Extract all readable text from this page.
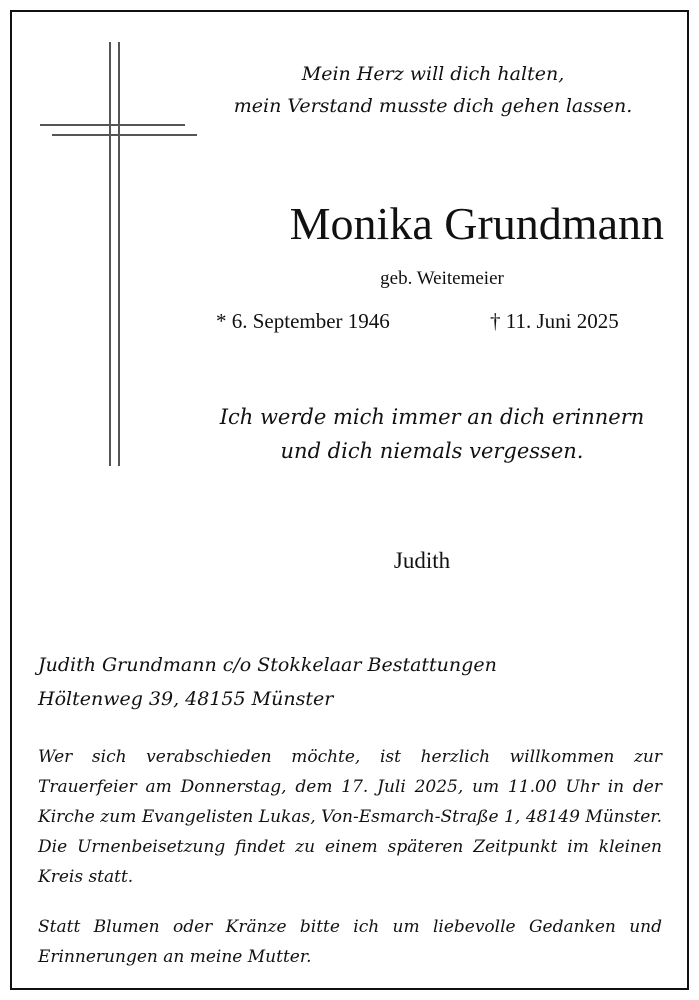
Mein Herz will dich halten,
mein Verstand musste dich gehen lassen.
Monika Grundmann
geb. Weitemeier
* 6. September 1946	† 11. Juni 2025
Ich werde mich immer an dich erinnern
und dich niemals vergessen.
Judith
Judith Grundmann c/o Stokkelaar Bestattungen
Höltenweg 39, 48155 Münster
Wer sich verabschieden möchte, ist herzlich willkommen zur Trauerfeier am Donnerstag, dem 17. Juli 2025, um 11.00 Uhr in der Kirche zum Evangelisten Lukas, Von-Esmarch-Straße 1, 48149 Münster. Die Urnenbeisetzung findet zu einem späteren Zeitpunkt im kleinen Kreis statt.
Statt Blumen oder Kränze bitte ich um liebevolle Gedanken und Erinnerungen an meine Mutter.
